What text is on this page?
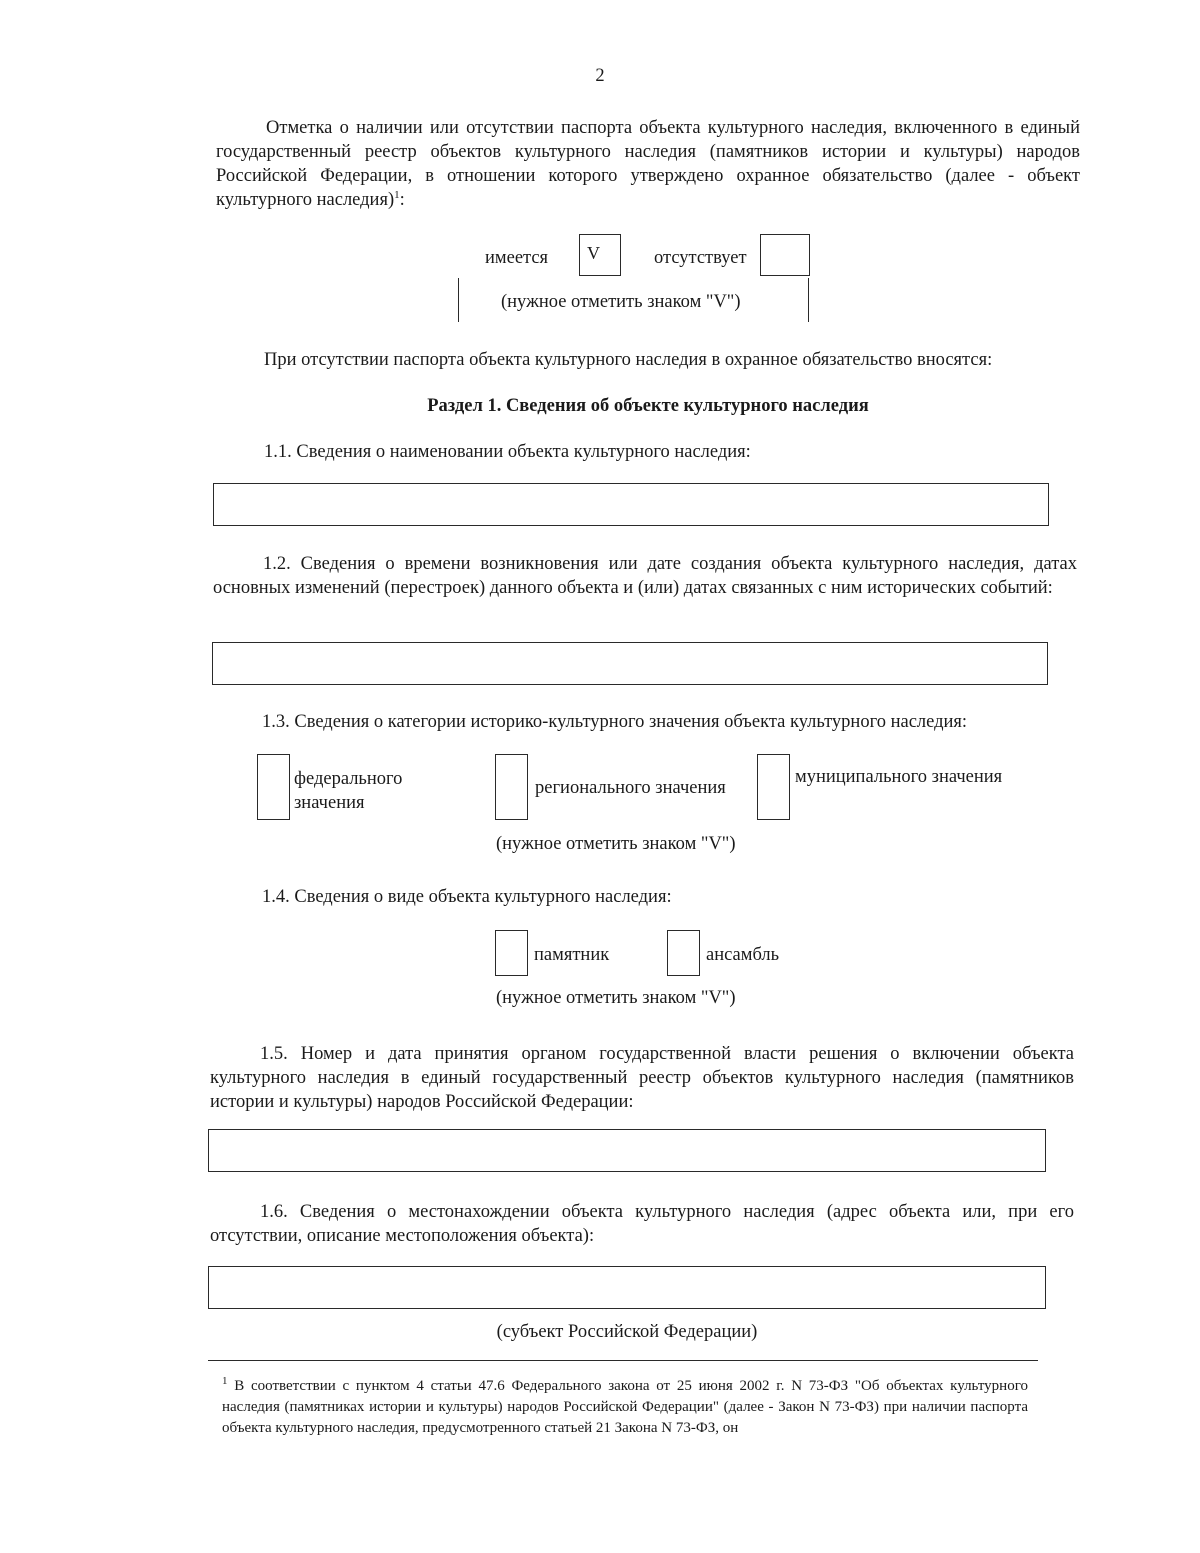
2
Отметка о наличии или отсутствии паспорта объекта культурного наследия, включенного в единый государственный реестр объектов культурного наследия (памятников истории и культуры) народов Российской Федерации, в отношении которого утверждено охранное обязательство (далее - объект культурного наследия)$^1$:
имеется V	отсутствует
(нужное отметить знаком "V")
При отсутствии паспорта объекта культурного наследия в охранное обязательство вносятся:
Раздел 1. Сведения об объекте культурного наследия
1.1. Сведения о наименовании объекта культурного наследия:
1.2. Сведения о времени возникновения или дате создания объекта культурного наследия, датах основных изменений (перестроек) данного объекта и (или) датах связанных с ним исторических событий:
1.3. Сведения о категории историко-культурного значения объекта культурного наследия:
федерального значения
регионального значения
муниципального значения
(нужное отметить знаком "V")
1.4. Сведения о виде объекта культурного наследия:
памятник	ансамбль
(нужное отметить знаком "V")
1.5. Номер и дата принятия органом государственной власти решения о включении объекта культурного наследия в единый государственный реестр объектов культурного наследия (памятников истории и культуры) народов Российской Федерации:
1.6. Сведения о местонахождении объекта культурного наследия (адрес объекта или, при его отсутствии, описание местоположения объекта):
(субъект Российской Федерации)
$^1$ В соответствии с пунктом 4 статьи 47.6 Федерального закона от 25 июня 2002 г. N 73-ФЗ "Об объектах культурного наследия (памятниках истории и культуры) народов Российской Федерации" (далее - Закон N 73-ФЗ) при наличии паспорта объекта культурного наследия, предусмотренного статьей 21 Закона N 73-ФЗ, он
